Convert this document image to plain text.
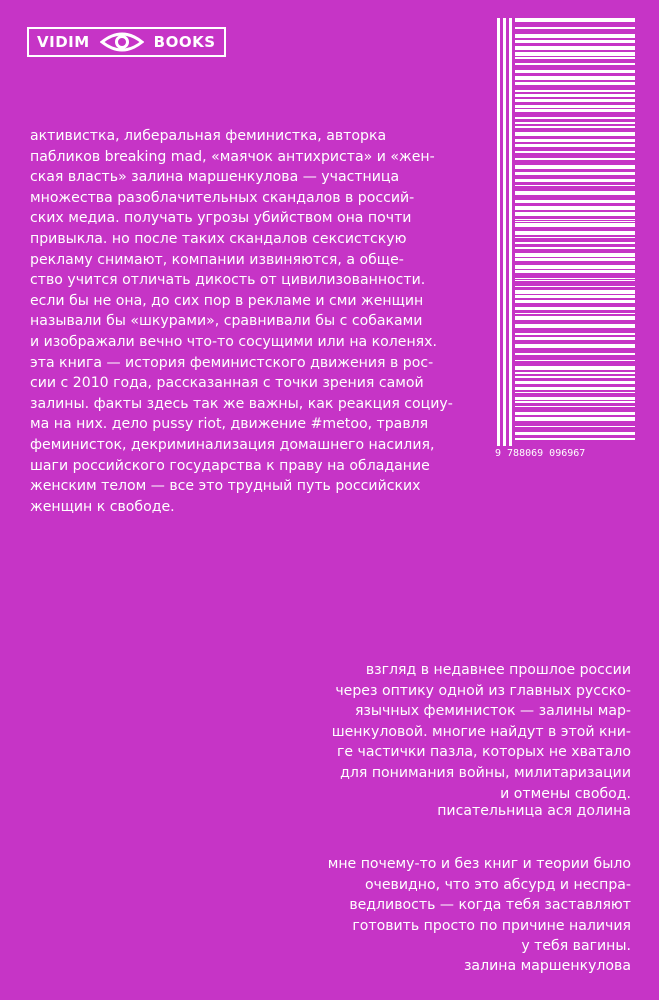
VIDIM	BOOKS
9 788069 096967
активистка, либеральная феминистка, авторка
пабликов breaking mad, «маячок антихриста» и «жен-
ская власть» залина маршенкулова — участница
множества разоблачительных скандалов в россий-
ских медиа. получать угрозы убийством она почти
привыкла. но после таких скандалов сексистскую
рекламу снимают, компании извиняются, а обще-
ство учится отличать дикость от цивилизованности.
если бы не она, до сих пор в рекламе и сми женщин
называли бы «шкурами», сравнивали бы с собаками
и изображали вечно что-то сосущими или на коленях.
эта книга — история феминистского движения в рос-
сии с 2010 года, рассказанная с точки зрения самой
залины. факты здесь так же важны, как реакция социу-
ма на них. дело pussy riot, движение #metoo, травля
феминисток, декриминализация домашнего насилия,
шаги российского государства к праву на обладание
женским телом — все это трудный путь российских
женщин к свободе.
взгляд в недавнее прошлое россии
через оптику одной из главных русско-
язычных феминисток — залины мар-
шенкуловой. многие найдут в этой кни-
ге частички пазла, которых не хватало
для понимания войны, милитаризации
и отмены свобод.
писательница ася долина
мне почему-то и без книг и теории было
очевидно, что это абсурд и неспра-
ведливость — когда тебя заставляют
готовить просто по причине наличия
у тебя вагины.
залина маршенкулова
